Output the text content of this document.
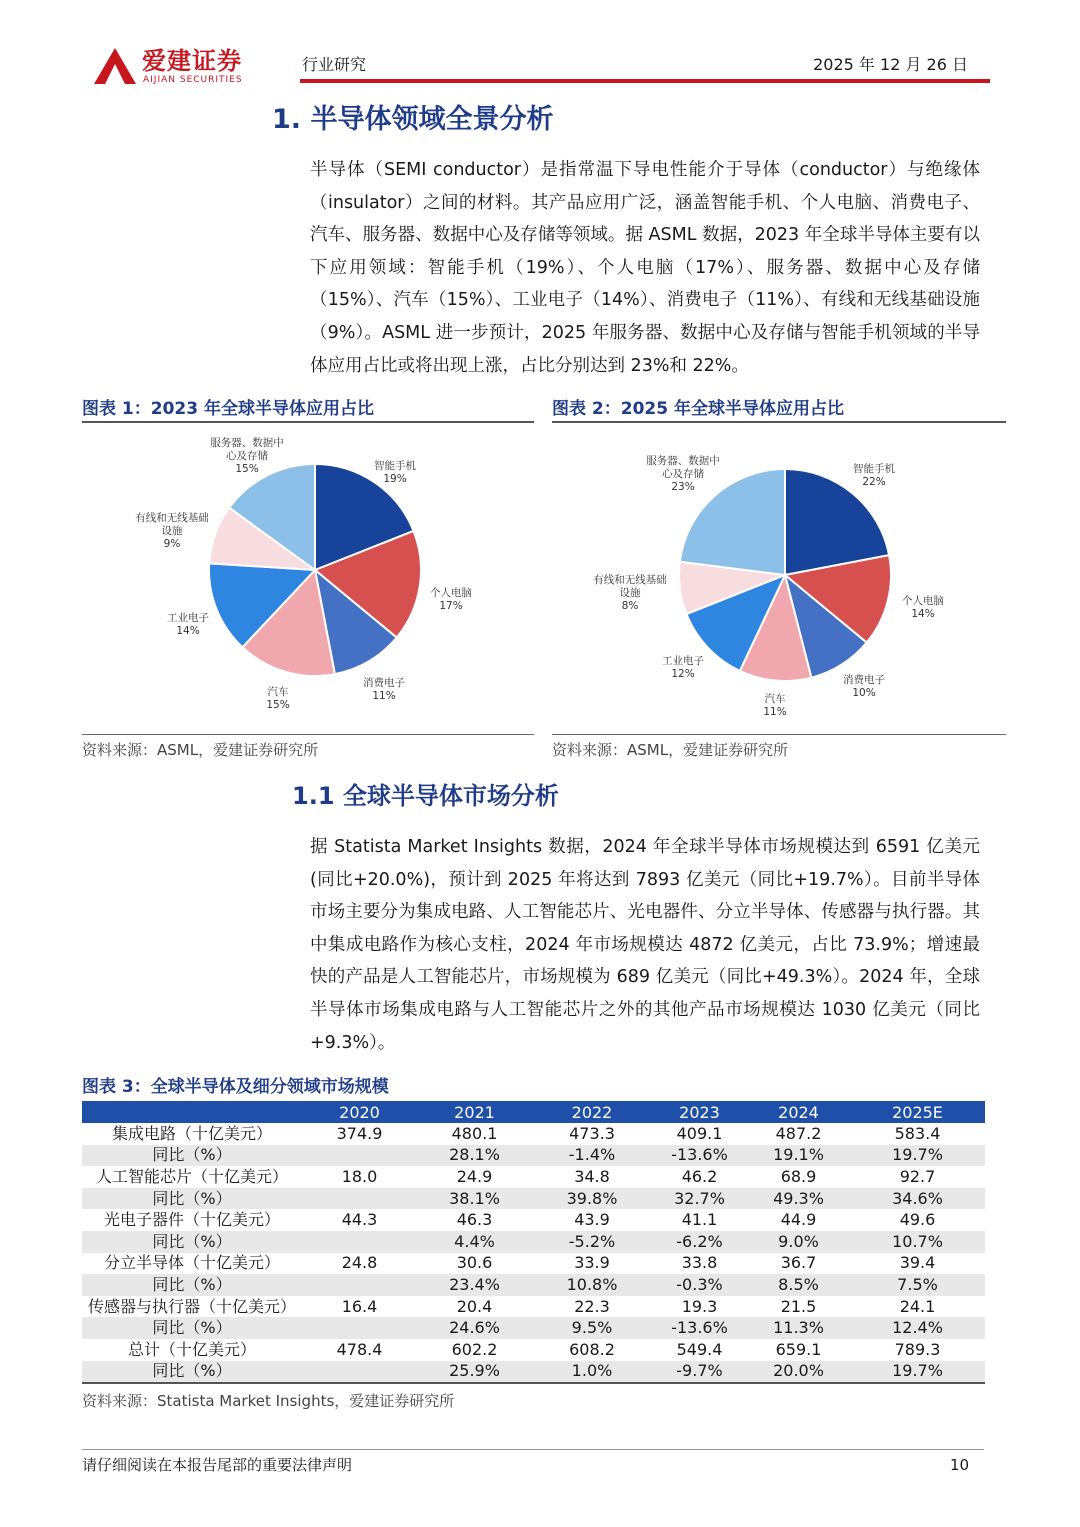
爱建证券
AIJIAN SECURITIES
行业研究	2025 年 12 月 26 日
1. 半导体领域全景分析
半导体（SEMI conductor）是指常温下导电性能介于导体（conductor）与绝缘体（insulator）之间的材料。其产品应用广泛，涵盖智能手机、个人电脑、消费电子、汽车、服务器、数据中心及存储等领域。据 ASML 数据，2023 年全球半导体主要有以下应用领域：智能手机（19%）、个人电脑（17%）、服务器、数据中心及存储（15%）、汽车（15%）、工业电子（14%）、消费电子（11%）、有线和无线基础设施（9%）。ASML 进一步预计，2025 年服务器、数据中心及存储与智能手机领域的半导体应用占比或将出现上涨，占比分别达到 23%和 22%。
图表 1：2023 年全球半导体应用占比
智能手机 19%
个人电脑 17%
消费电子 11%
汽车 15%
工业电子 14%
有线和无线基础设施 9%
服务器、数据中心及存储 15%
资料来源：ASML，爱建证券研究所
图表 2：2025 年全球半导体应用占比
智能手机 22%
个人电脑 14%
消费电子 10%
汽车 11%
工业电子 12%
有线和无线基础设施 8%
服务器、数据中心及存储 23%
资料来源：ASML，爱建证券研究所
1.1 全球半导体市场分析
据 Statista Market Insights 数据，2024 年全球半导体市场规模达到 6591 亿美元(同比+20.0%)，预计到 2025 年将达到 7893 亿美元（同比+19.7%）。目前半导体市场主要分为集成电路、人工智能芯片、光电器件、分立半导体、传感器与执行器。其中集成电路作为核心支柱，2024 年市场规模达 4872 亿美元，占比 73.9%；增速最快的产品是人工智能芯片，市场规模为 689 亿美元（同比+49.3%）。2024 年，全球半导体市场集成电路与人工智能芯片之外的其他产品市场规模达 1030 亿美元（同比+9.3%）。
图表 3：全球半导体及细分领域市场规模
	2020	2021	2022	2023	2024	2025E
集成电路（十亿美元）	374.9	480.1	473.3	409.1	487.2	583.4
同比（%）		28.1%	-1.4%	-13.6%	19.1%	19.7%
人工智能芯片（十亿美元）	18.0	24.9	34.8	46.2	68.9	92.7
同比（%）		38.1%	39.8%	32.7%	49.3%	34.6%
光电子器件（十亿美元）	44.3	46.3	43.9	41.1	44.9	49.6
同比（%）		4.4%	-5.2%	-6.2%	9.0%	10.7%
分立半导体（十亿美元）	24.8	30.6	33.9	33.8	36.7	39.4
同比（%）		23.4%	10.8%	-0.3%	8.5%	7.5%
传感器与执行器（十亿美元）	16.4	20.4	22.3	19.3	21.5	24.1
同比（%）		24.6%	9.5%	-13.6%	11.3%	12.4%
总计（十亿美元）	478.4	602.2	608.2	549.4	659.1	789.3
同比（%）		25.9%	1.0%	-9.7%	20.0%	19.7%
资料来源：Statista Market Insights，爱建证券研究所
请仔细阅读在本报告尾部的重要法律声明	10
